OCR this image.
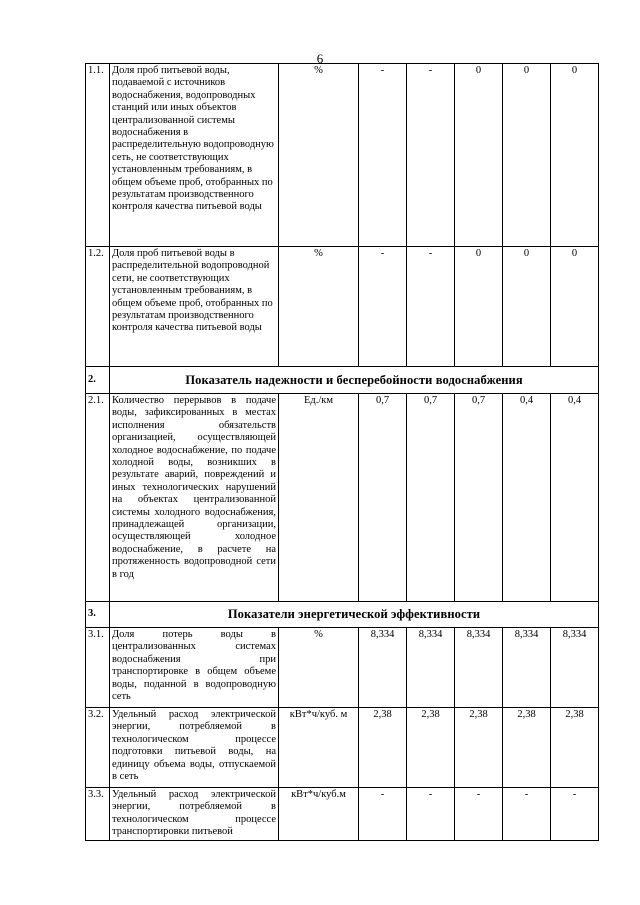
6
1.1.	Доля проб питьевой воды, подаваемой с источников водоснабжения, водопроводных станций или иных объектов централизованной системы водоснабжения в распределительную водопроводную сеть, не соответствующих установленным требованиям, в общем объеме проб, отобранных по результатам производственного контроля качества питьевой воды	%	-	-	0	0	0
1.2.	Доля проб питьевой воды в распределительной водопроводной сети, не соответствующих установленным требованиям, в общем объеме проб, отобранных по результатам производственного контроля качества питьевой воды	%	-	-	0	0	0
2.	Показатель надежности и бесперебойности водоснабжения						
2.1.	Количество перерывов в подаче воды, зафиксированных в местах исполнения обязательств организацией, осуществляющей холодное водоснабжение, по подаче холодной воды, возникших в результате аварий, повреждений и иных технологических нарушений на объектах централизованной системы холодного водоснабжения, принадлежащей организации, осуществляющей холодное водоснабжение, в расчете на протяженность водопроводной сети в год	Ед./км	0,7	0,7	0,7	0,4	0,4
3.	Показатели энергетической эффективности						
3.1.	Доля потерь воды в централизованных системах водоснабжения при транспортировке в общем объеме воды, поданной в водопроводную сеть	%	8,334	8,334	8,334	8,334	8,334
3.2.	Удельный расход электрической энергии, потребляемой в технологическом процессе подготовки питьевой воды, на единицу объема воды, отпускаемой в сеть	кВт*ч/куб. м	2,38	2,38	2,38	2,38	2,38
3.3.	Удельный расход электрической энергии, потребляемой в технологическом процессе транспортировки питьевой	кВт*ч/куб.м	-	-	-	-	-
